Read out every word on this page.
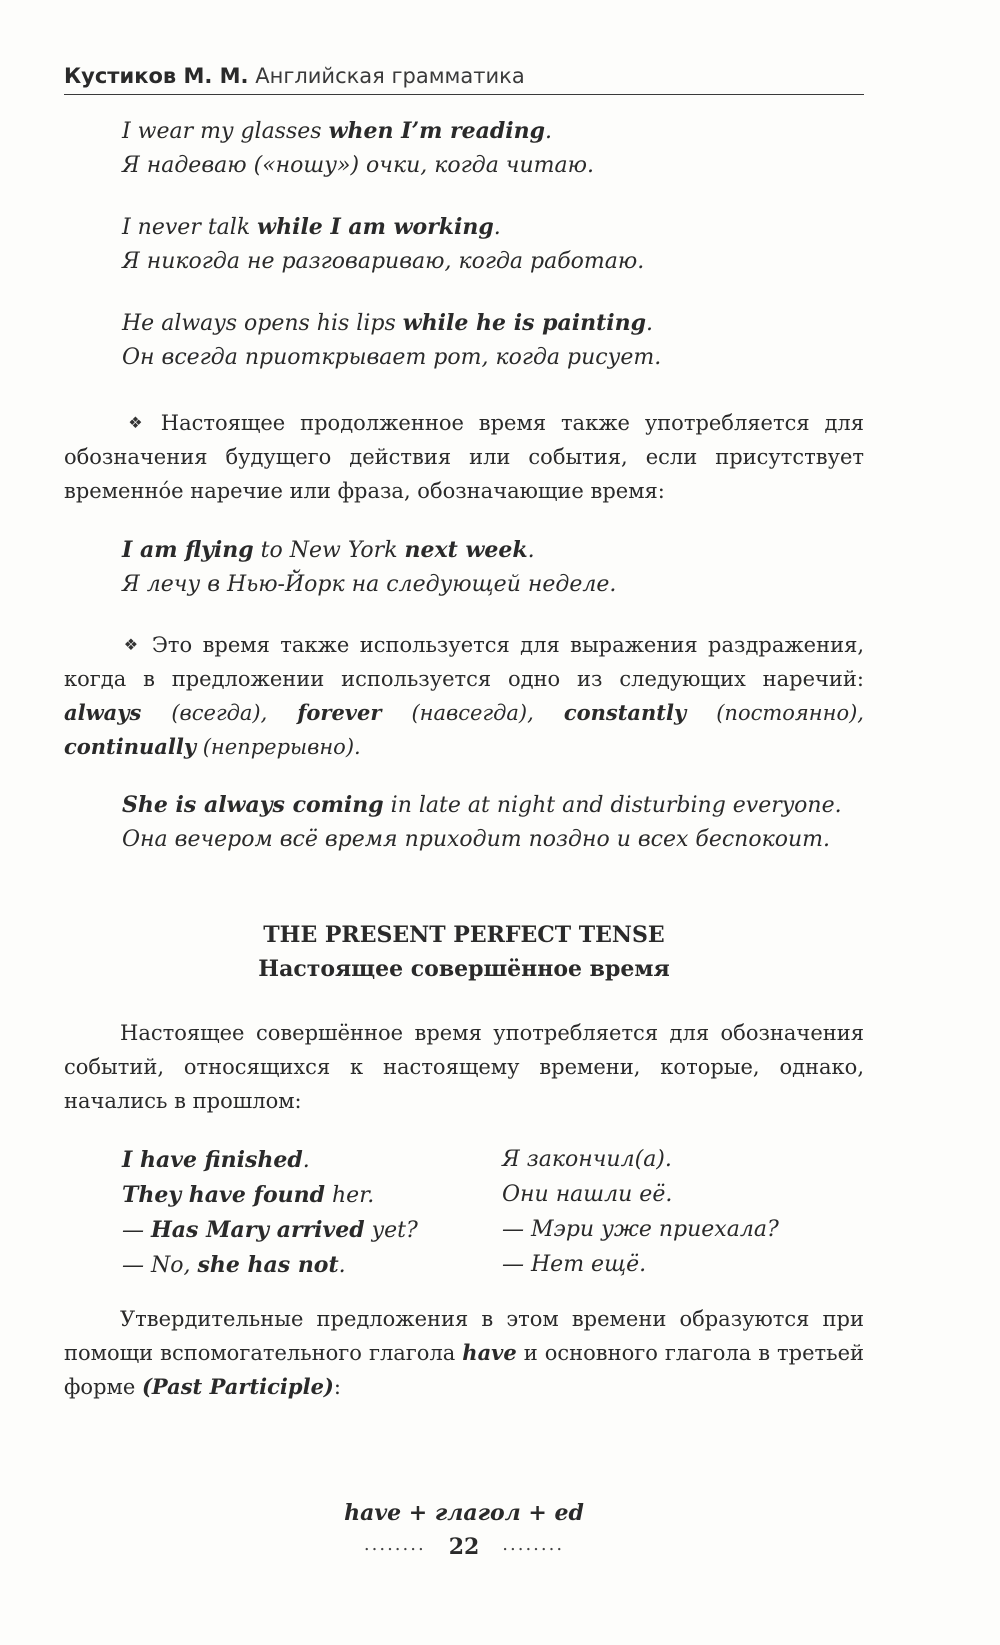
Кустиков М. М. Английская грамматика
I wear my glasses when I’m reading.
Я надеваю («ношу») очки, когда читаю.
I never talk while I am working.
Я никогда не разговариваю, когда работаю.
He always opens his lips while he is painting.
Он всегда приоткрывает рот, когда рисует.
❖ Настоящее продолженное время также употребляется для обозначения будущего действия или события, если присутствует временнóе наречие или фраза, обозначающие время:
I am flying to New York next week.
Я лечу в Нью-Йорк на следующей неделе.
❖ Это время также используется для выражения раздражения, когда в предложении используется одно из следующих наречий: always (всегда), forever (навсегда), constantly (постоянно), continually (непрерывно).
She is always coming in late at night and disturbing everyone.
Она вечером всё время приходит поздно и всех беспокоит.
THE PRESENT PERFECT TENSE
Настоящее совершённое время
Настоящее совершённое время употребляется для обозначения событий, относящихся к настоящему времени, которые, однако, начались в прошлом:
I have finished.	Я закончил(а).
They have found her.	Они нашли её.
— Has Mary arrived yet?	— Мэри уже приехала?
— No, she has not.	— Нет ещё.
Утвердительные предложения в этом времени образуются при помощи вспомогательного глагола have и основного глагола в третьей форме (Past Participle):
have + глагол + ed
........ 22 ........
